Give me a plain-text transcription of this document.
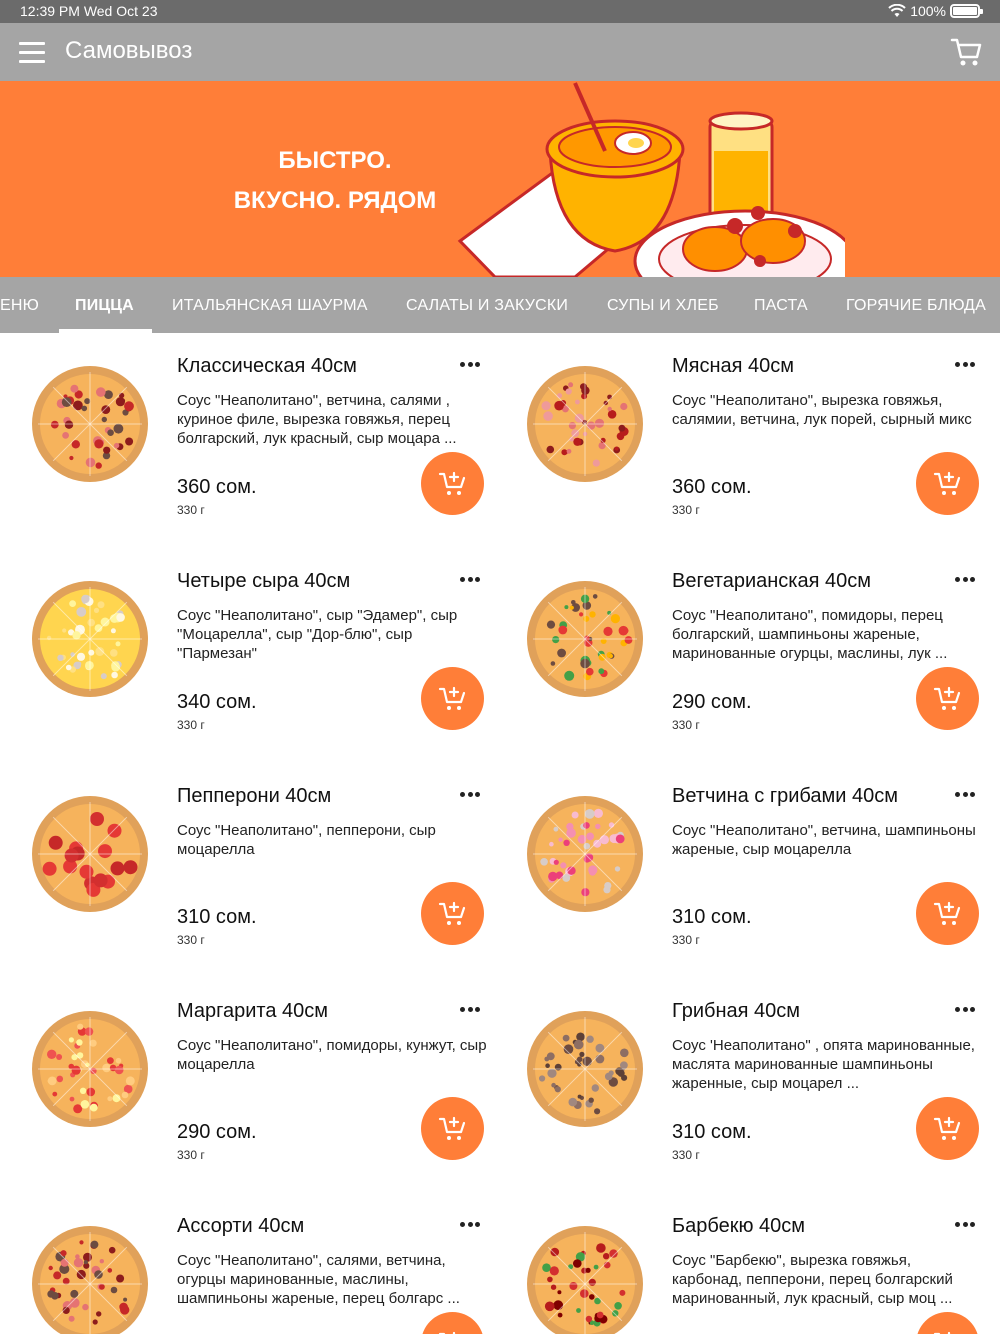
12:39 PM Wed Oct 23	100%
Самовывоз
БЫСТРО.
ВКУСНО. РЯДОМ
ЕНЮ ПИЦЦА ИТАЛЬЯНСКАЯ ШАУРМА САЛАТЫ И ЗАКУСКИ СУПЫ И ХЛЕБ ПАСТА ГОРЯЧИЕ БЛЮДА
Классическая 40см
Соус "Неаполитано", ветчина, салями , куриное филе, вырезка говяжья, перец болгарский, лук красный, сыр моцара ...
360 сом.
330 г
Мясная 40см
Соус "Неаполитано", вырезка говяжья, салямии, ветчина, лук порей, сырный микс
360 сом.
330 г
Четыре сыра 40см
Соус "Неаполитано", сыр "Эдамер", сыр "Моцарелла", сыр "Дор-блю", сыр "Пармезан"
340 сом.
330 г
Вегетарианская 40см
Соус "Неаполитано", помидоры, перец болгарский, шампиньоны жареные, маринованные огурцы, маслины, лук ...
290 сом.
330 г
Пепперони 40см
Соус "Неаполитано", пепперони, сыр моцарелла
310 сом.
330 г
Ветчина с грибами 40см
Соус "Неаполитано", ветчина, шампиньоны жареные, сыр моцарелла
310 сом.
330 г
Маргарита 40см
Соус "Неаполитано", помидоры, кунжут, сыр моцарелла
290 сом.
330 г
Грибная 40см
Соус 'Неаполитано" , опята маринованные, маслята маринованные шампиньоны жаренные, сыр моцарел ...
310 сом.
330 г
Ассорти 40см
Соус "Неаполитано", салями, ветчина, огурцы маринованные, маслины, шампиньоны жареные, перец болгарс ...
Барбекю 40см
Соус "Барбекю", вырезка говяжья, карбонад, пепперони, перец болгарский маринованный, лук красный, сыр моц ...
